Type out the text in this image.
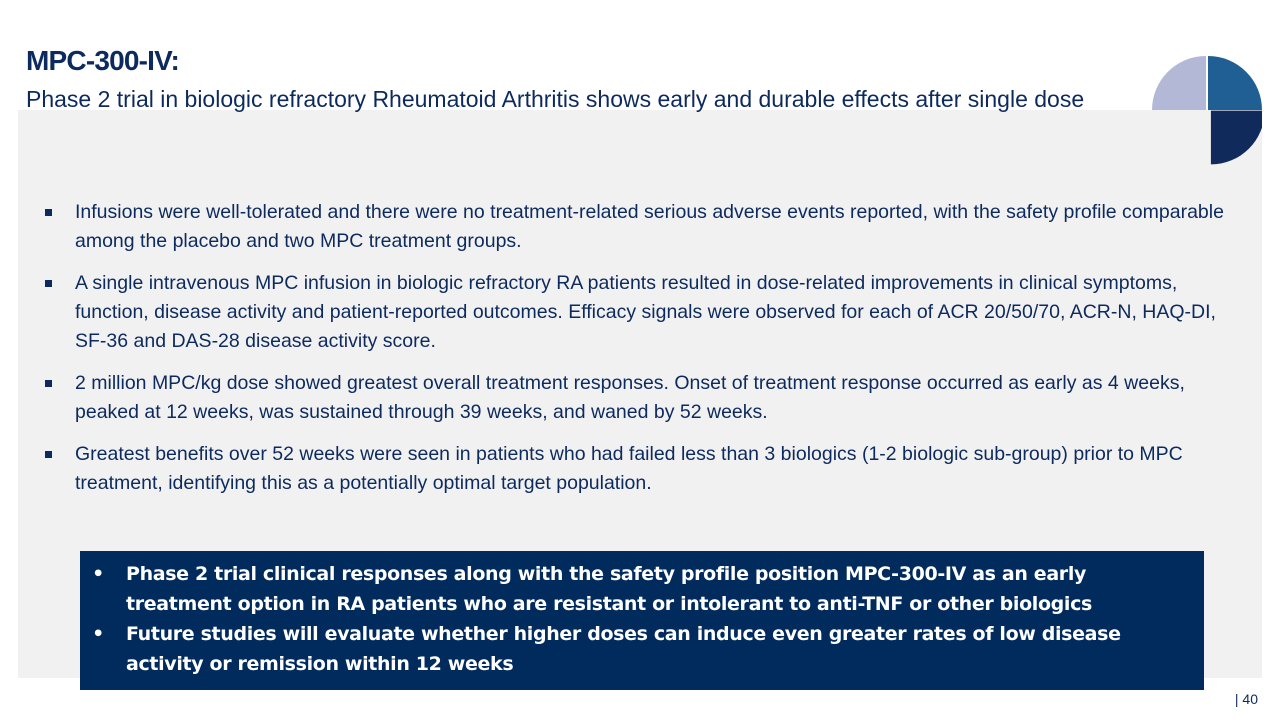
MPC-300-IV:

Phase 2 trial in biologic refractory Rheumatoid Arthritis shows early and durable effects after single dose

Infusions were well-tolerated and there were no treatment-related serious adverse events reported, with the safety profile comparable among the placebo and two MPC treatment groups.
A single intravenous MPC infusion in biologic refractory RA patients resulted in dose-related improvements in clinical symptoms, function, disease activity and patient-reported outcomes. Efficacy signals were observed for each of ACR 20/50/70, ACR-N, HAQ-DI, SF-36 and DAS-28 disease activity score.
2 million MPC/kg dose showed greatest overall treatment responses. Onset of treatment response occurred as early as 4 weeks, peaked at 12 weeks, was sustained through 39 weeks, and waned by 52 weeks.
Greatest benefits over 52 weeks were seen in patients who had failed less than 3 biologics (1-2 biologic sub-group) prior to MPC treatment, identifying this as a potentially optimal target population.
• Phase 2 trial clinical responses along with the safety profile position MPC-300-IV as an early treatment option in RA patients who are resistant or intolerant to anti-TNF or other biologics
• Future studies will evaluate whether higher doses can induce even greater rates of low disease activity or remission within 12 weeks
| 40
